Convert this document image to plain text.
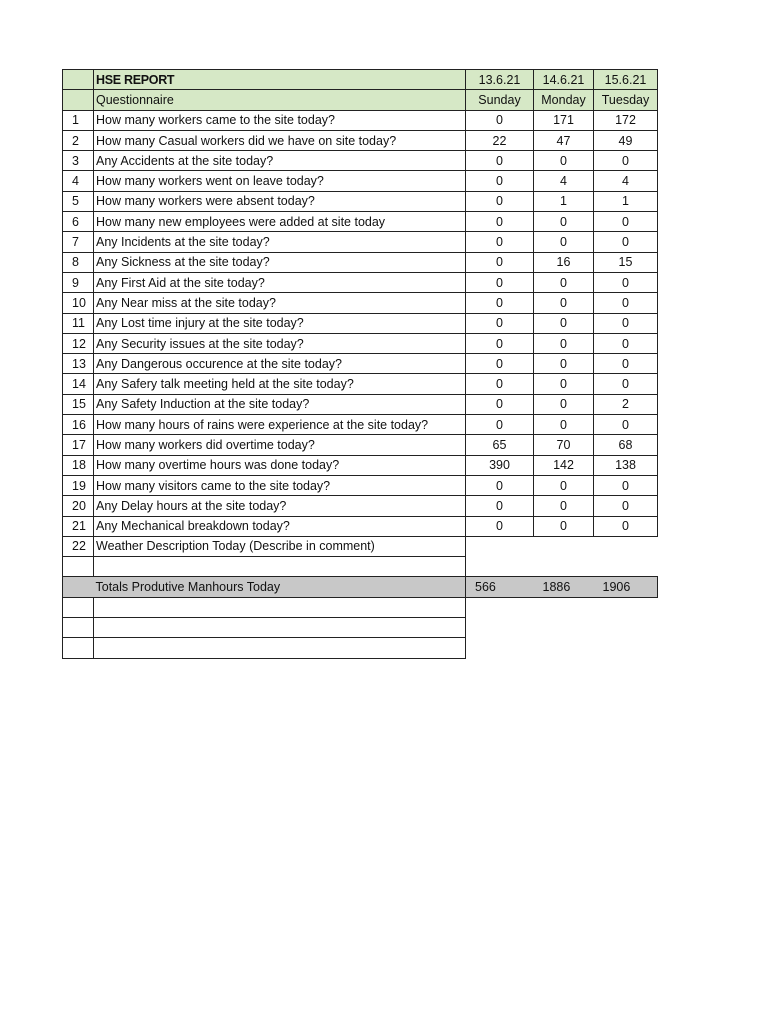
	HSE REPORT	13.6.21	14.6.21	15.6.21
	Questionnaire	Sunday	Monday	Tuesday
1	How many workers came to the site today?	0	171	172
2	How many Casual workers did we have on site today?	22	47	49
3	Any Accidents at the site today?	0	0	0
4	How many workers went on leave today?	0	4	4
5	How many workers were absent today?	0	1	1
6	How many new employees were added at site today	0	0	0
7	Any Incidents at the site today?	0	0	0
8	Any Sickness at the site today?	0	16	15
9	Any First Aid at the site today?	0	0	0
10	Any Near miss at the site today?	0	0	0
11	Any Lost time injury at the site today?	0	0	0
12	Any Security issues at the site today?	0	0	0
13	Any Dangerous occurence at the site today?	0	0	0
14	Any Safery talk meeting held at the site today?	0	0	0
15	Any Safety Induction at the site today?	0	0	2
16	How many hours of rains were experience at the site today?	0	0	0
17	How many workers did overtime today?	65	70	68
18	How many overtime hours was done today?	390	142	138
19	How many visitors came to the site today?	0	0	0
20	Any Delay hours at the site today?	0	0	0
21	Any Mechanical breakdown today?	0	0	0
22	Weather Description Today (Describe in comment)			

	Totals Produtive Manhours Today	566	1886	1906
